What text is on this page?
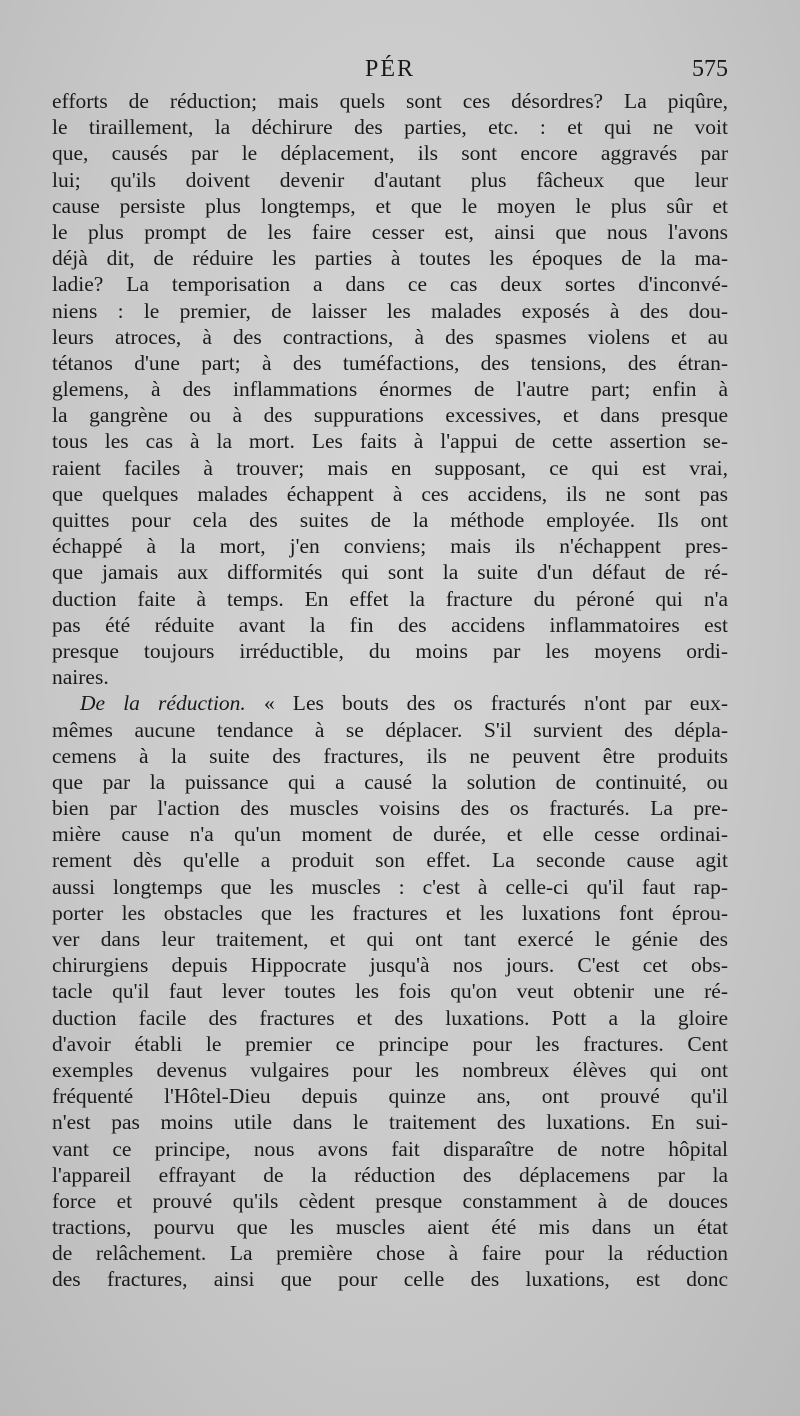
PÉR	575
efforts de réduction; mais quels sont ces désordres? La piqûre,
le tiraillement, la déchirure des parties, etc. : et qui ne voit
que, causés par le déplacement, ils sont encore aggravés par
lui; qu'ils doivent devenir d'autant plus fâcheux que leur
cause persiste plus longtemps, et que le moyen le plus sûr et
le plus prompt de les faire cesser est, ainsi que nous l'avons
déjà dit, de réduire les parties à toutes les époques de la ma-
ladie? La temporisation a dans ce cas deux sortes d'inconvé-
niens : le premier, de laisser les malades exposés à des dou-
leurs atroces, à des contractions, à des spasmes violens et au
tétanos d'une part; à des tuméfactions, des tensions, des étran-
glemens, à des inflammations énormes de l'autre part; enfin à
la gangrène ou à des suppurations excessives, et dans presque
tous les cas à la mort. Les faits à l'appui de cette assertion se-
raient faciles à trouver; mais en supposant, ce qui est vrai,
que quelques malades échappent à ces accidens, ils ne sont pas
quittes pour cela des suites de la méthode employée. Ils ont
échappé à la mort, j'en conviens; mais ils n'échappent pres-
que jamais aux difformités qui sont la suite d'un défaut de ré-
duction faite à temps. En effet la fracture du péroné qui n'a
pas été réduite avant la fin des accidens inflammatoires est
presque toujours irréductible, du moins par les moyens ordi-
naires.
De la réduction. « Les bouts des os fracturés n'ont par eux-
mêmes aucune tendance à se déplacer. S'il survient des dépla-
cemens à la suite des fractures, ils ne peuvent être produits
que par la puissance qui a causé la solution de continuité, ou
bien par l'action des muscles voisins des os fracturés. La pre-
mière cause n'a qu'un moment de durée, et elle cesse ordinai-
rement dès qu'elle a produit son effet. La seconde cause agit
aussi longtemps que les muscles : c'est à celle-ci qu'il faut rap-
porter les obstacles que les fractures et les luxations font éprou-
ver dans leur traitement, et qui ont tant exercé le génie des
chirurgiens depuis Hippocrate jusqu'à nos jours. C'est cet obs-
tacle qu'il faut lever toutes les fois qu'on veut obtenir une ré-
duction facile des fractures et des luxations. Pott a la gloire
d'avoir établi le premier ce principe pour les fractures. Cent
exemples devenus vulgaires pour les nombreux élèves qui ont
fréquenté l'Hôtel-Dieu depuis quinze ans, ont prouvé qu'il
n'est pas moins utile dans le traitement des luxations. En sui-
vant ce principe, nous avons fait disparaître de notre hôpital
l'appareil effrayant de la réduction des déplacemens par la
force et prouvé qu'ils cèdent presque constamment à de douces
tractions, pourvu que les muscles aient été mis dans un état
de relâchement. La première chose à faire pour la réduction
des fractures, ainsi que pour celle des luxations, est donc
